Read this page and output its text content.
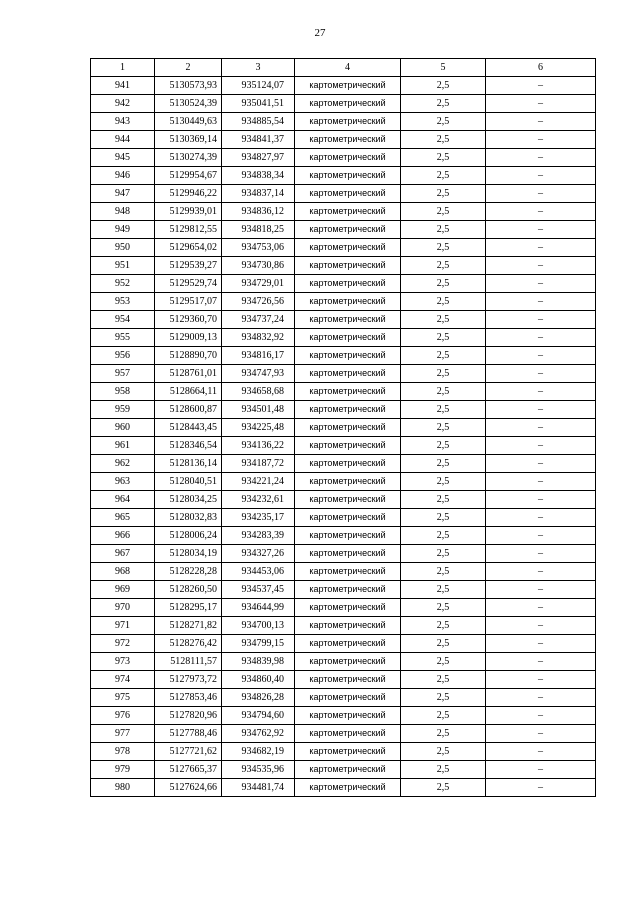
27
1	2	3	4	5	6
941	5130573,93	935124,07	картометрический	2,5	–
942	5130524,39	935041,51	картометрический	2,5	–
943	5130449,63	934885,54	картометрический	2,5	–
944	5130369,14	934841,37	картометрический	2,5	–
945	5130274,39	934827,97	картометрический	2,5	–
946	5129954,67	934838,34	картометрический	2,5	–
947	5129946,22	934837,14	картометрический	2,5	–
948	5129939,01	934836,12	картометрический	2,5	–
949	5129812,55	934818,25	картометрический	2,5	–
950	5129654,02	934753,06	картометрический	2,5	–
951	5129539,27	934730,86	картометрический	2,5	–
952	5129529,74	934729,01	картометрический	2,5	–
953	5129517,07	934726,56	картометрический	2,5	–
954	5129360,70	934737,24	картометрический	2,5	–
955	5129009,13	934832,92	картометрический	2,5	–
956	5128890,70	934816,17	картометрический	2,5	–
957	5128761,01	934747,93	картометрический	2,5	–
958	5128664,11	934658,68	картометрический	2,5	–
959	5128600,87	934501,48	картометрический	2,5	–
960	5128443,45	934225,48	картометрический	2,5	–
961	5128346,54	934136,22	картометрический	2,5	–
962	5128136,14	934187,72	картометрический	2,5	–
963	5128040,51	934221,24	картометрический	2,5	–
964	5128034,25	934232,61	картометрический	2,5	–
965	5128032,83	934235,17	картометрический	2,5	–
966	5128006,24	934283,39	картометрический	2,5	–
967	5128034,19	934327,26	картометрический	2,5	–
968	5128228,28	934453,06	картометрический	2,5	–
969	5128260,50	934537,45	картометрический	2,5	–
970	5128295,17	934644,99	картометрический	2,5	–
971	5128271,82	934700,13	картометрический	2,5	–
972	5128276,42	934799,15	картометрический	2,5	–
973	5128111,57	934839,98	картометрический	2,5	–
974	5127973,72	934860,40	картометрический	2,5	–
975	5127853,46	934826,28	картометрический	2,5	–
976	5127820,96	934794,60	картометрический	2,5	–
977	5127788,46	934762,92	картометрический	2,5	–
978	5127721,62	934682,19	картометрический	2,5	–
979	5127665,37	934535,96	картометрический	2,5	–
980	5127624,66	934481,74	картометрический	2,5	–
